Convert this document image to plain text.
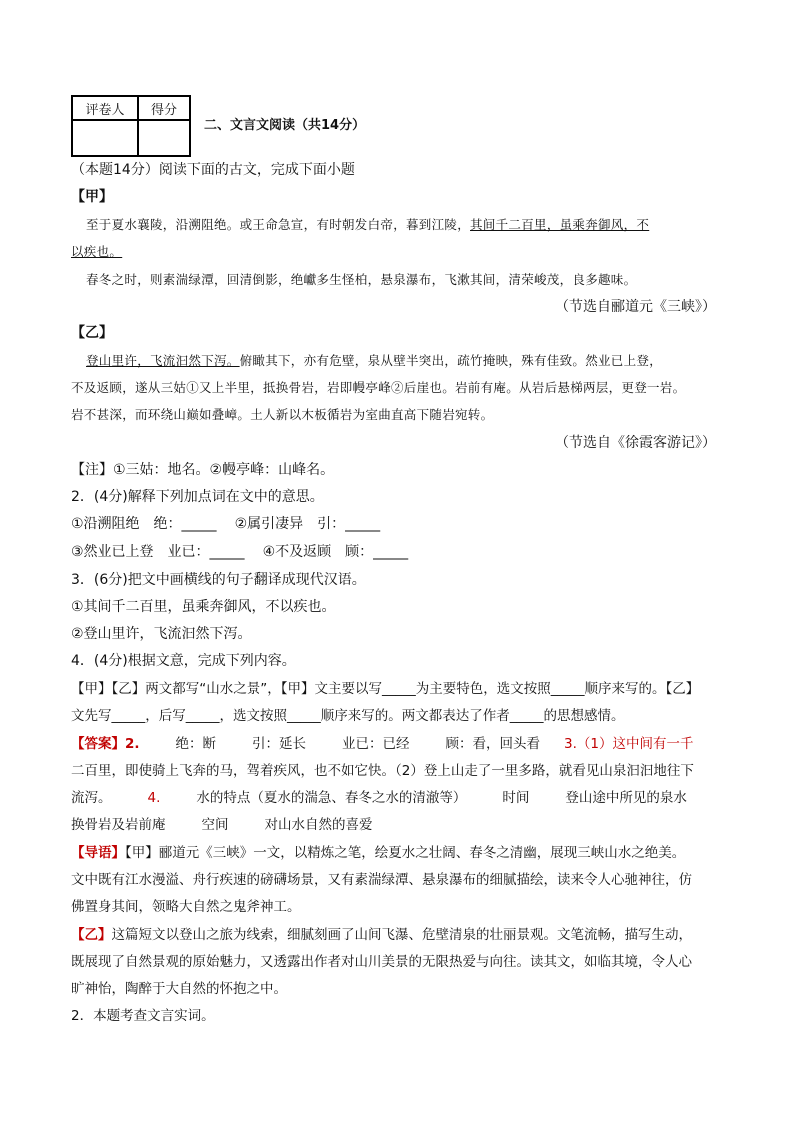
评卷人	得分

二、文言文阅读（共14分）
（本题14分）阅读下面的古文，完成下面小题
【甲】
至于夏水襄陵，沿溯阻绝。或王命急宣，有时朝发白帝，暮到江陵，其间千二百里，虽乘奔御风，不
以疾也。
春冬之时，则素湍绿潭，回清倒影，绝巘多生怪柏，悬泉瀑布，飞漱其间，清荣峻茂，良多趣味。
（节选自郦道元《三峡》）
【乙】
登山里许，飞流汩然下泻。俯瞰其下，亦有危壁，泉从壁半突出，疏竹掩映，殊有佳致。然业已上登，
不及返顾，遂从三姑①又上半里，抵换骨岩，岩即幔亭峰②后崖也。岩前有庵。从岩后悬梯两层，更登一岩。
岩不甚深，而环绕山巅如叠嶂。土人新以木板循岩为室曲直高下随岩宛转。
（节选自《徐霞客游记》）
【注】①三姑：地名。②幔亭峰：山峰名。
2．(4分)解释下列加点词在文中的意思。
①沿溯阻绝　绝：_____ ②属引凄异　引：_____
③然业已上登　业已：_____ ④不及返顾　顾：_____
3．(6分)把文中画横线的句子翻译成现代汉语。
①其间千二百里，虽乘奔御风，不以疾也。
②登山里许，飞流汩然下泻。
4．(4分)根据文意，完成下列内容。
【甲】【乙】两文都写“山水之景”，【甲】文主要以写_____为主要特色，选文按照_____顺序来写的。【乙】
文先写_____，后写_____，选文按照_____顺序来写的。两文都表达了作者_____的思想感情。
【答案】2.	绝：断	引：延长	业已：已经	顾：看，回头看 3.（1）这中间有一千
二百里，即使骑上飞奔的马，驾着疾风，也不如它快。（2）登上山走了一里多路，就看见山泉汩汩地往下
流泻。	4.	水的特点（夏水的湍急、春冬之水的清澈等）	时间	登山途中所见的泉水
换骨岩及岩前庵	空间	对山水自然的喜爱
【导语】【甲】郦道元《三峡》一文，以精炼之笔，绘夏水之壮阔、春冬之清幽，展现三峡山水之绝美。
文中既有江水漫溢、舟行疾速的磅礴场景，又有素湍绿潭、悬泉瀑布的细腻描绘，读来令人心驰神往，仿
佛置身其间，领略大自然之鬼斧神工。
【乙】这篇短文以登山之旅为线索，细腻刻画了山间飞瀑、危壁清泉的壮丽景观。文笔流畅，描写生动，
既展现了自然景观的原始魅力，又透露出作者对山川美景的无限热爱与向往。读其文，如临其境，令人心
旷神怡，陶醉于大自然的怀抱之中。
2．本题考查文言实词。
